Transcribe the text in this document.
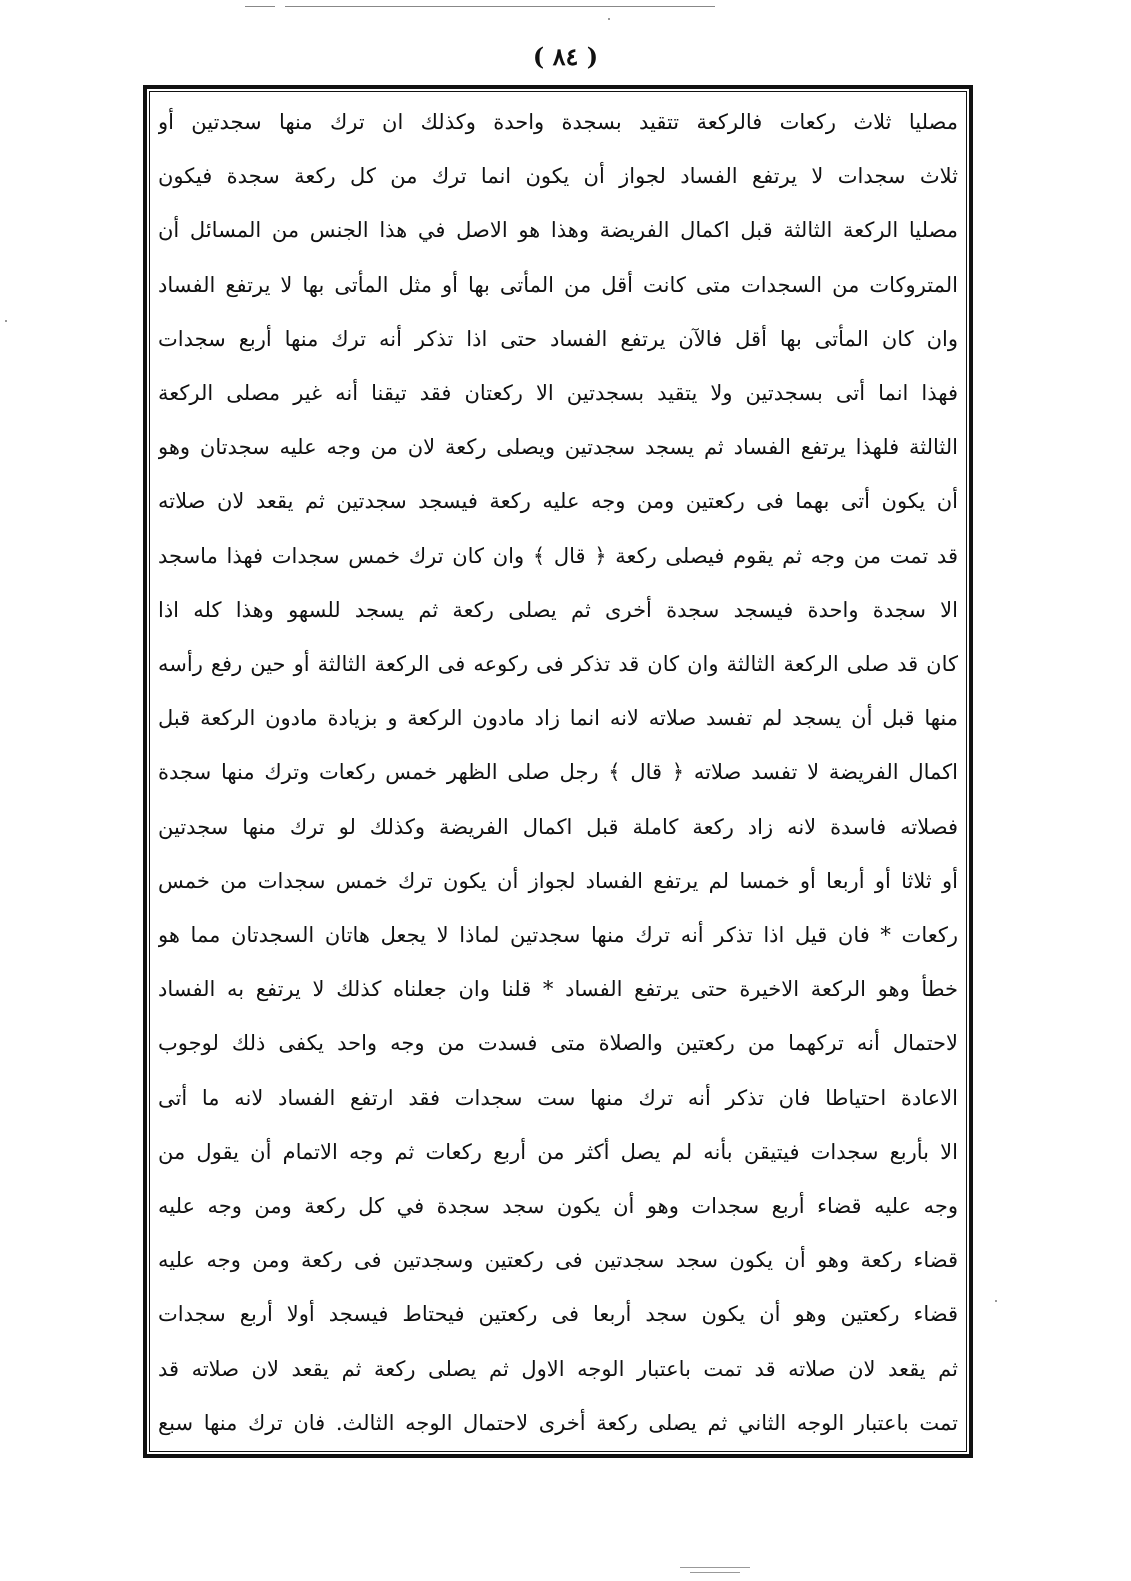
( ٨٤ )
مصليا ثلاث ركعات فالركعة تتقيد بسجدة واحدة وكذلك ان ترك منها سجدتين أو
ثلاث سجدات لا يرتفع الفساد لجواز أن يكون انما ترك من كل ركعة سجدة فيكون
مصليا الركعة الثالثة قبل اكمال الفريضة وهذا هو الاصل في هذا الجنس من المسائل أن
المتروكات من السجدات متى كانت أقل من المأتى بها أو مثل المأتى بها لا يرتفع الفساد
وان كان المأتى بها أقل فالآن يرتفع الفساد حتى اذا تذكر أنه ترك منها أربع سجدات
فهذا انما أتى بسجدتين ولا يتقيد بسجدتين الا ركعتان فقد تيقنا أنه غير مصلى الركعة
الثالثة فلهذا يرتفع الفساد ثم يسجد سجدتين ويصلى ركعة لان من وجه عليه سجدتان وهو
أن يكون أتى بهما فى ركعتين ومن وجه عليه ركعة فيسجد سجدتين ثم يقعد لان صلاته
قد تمت من وجه ثم يقوم فيصلى ركعة ﴿ قال ﴾ وان كان ترك خمس سجدات فهذا ماسجد
الا سجدة واحدة فيسجد سجدة أخرى ثم يصلى ركعة ثم يسجد للسهو وهذا كله اذا
كان قد صلى الركعة الثالثة وان كان قد تذكر فى ركوعه فى الركعة الثالثة أو حين رفع رأسه
منها قبل أن يسجد لم تفسد صلاته لانه انما زاد مادون الركعة و بزيادة مادون الركعة قبل
اكمال الفريضة لا تفسد صلاته ﴿ قال ﴾ رجل صلى الظهر خمس ركعات وترك منها سجدة
فصلاته فاسدة لانه زاد ركعة كاملة قبل اكمال الفريضة وكذلك لو ترك منها سجدتين
أو ثلاثا أو أربعا أو خمسا لم يرتفع الفساد لجواز أن يكون ترك خمس سجدات من خمس
ركعات * فان قيل اذا تذكر أنه ترك منها سجدتين لماذا لا يجعل هاتان السجدتان مما هو
خطأ وهو الركعة الاخيرة حتى يرتفع الفساد * قلنا وان جعلناه كذلك لا يرتفع به الفساد
لاحتمال أنه تركهما من ركعتين والصلاة متى فسدت من وجه واحد يكفى ذلك لوجوب
الاعادة احتياطا فان تذكر أنه ترك منها ست سجدات فقد ارتفع الفساد لانه ما أتى
الا بأربع سجدات فيتيقن بأنه لم يصل أكثر من أربع ركعات ثم وجه الاتمام أن يقول من
وجه عليه قضاء أربع سجدات وهو أن يكون سجد سجدة في كل ركعة ومن وجه عليه
قضاء ركعة وهو أن يكون سجد سجدتين فى ركعتين وسجدتين فى ركعة ومن وجه عليه
قضاء ركعتين وهو أن يكون سجد أربعا فى ركعتين فيحتاط فيسجد أولا أربع سجدات
ثم يقعد لان صلاته قد تمت باعتبار الوجه الاول ثم يصلى ركعة ثم يقعد لان صلاته قد
تمت باعتبار الوجه الثاني ثم يصلى ركعة أخرى لاحتمال الوجه الثالث. فان ترك منها سبع
